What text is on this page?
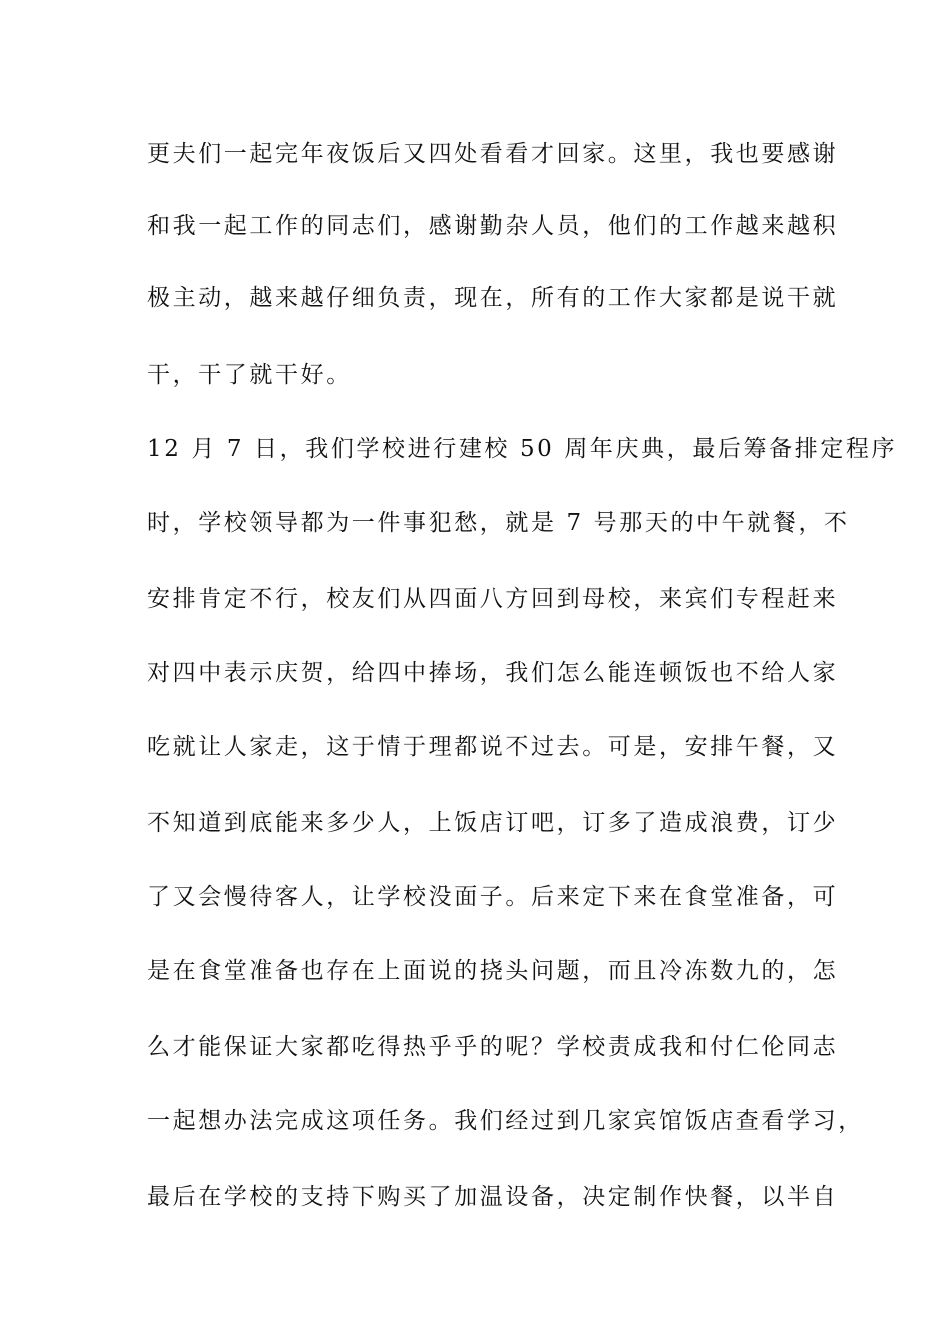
更夫们一起完年夜饭后又四处看看才回家。这里，我也要感谢
和我一起工作的同志们，感谢勤杂人员，他们的工作越来越积
极主动，越来越仔细负责，现在，所有的工作大家都是说干就
干，干了就干好。
12 月 7 日，我们学校进行建校 50 周年庆典，最后筹备排定程序
时，学校领导都为一件事犯愁，就是 7 号那天的中午就餐，不
安排肯定不行，校友们从四面八方回到母校，来宾们专程赶来
对四中表示庆贺，给四中捧场，我们怎么能连顿饭也不给人家
吃就让人家走，这于情于理都说不过去。可是，安排午餐，又
不知道到底能来多少人，上饭店订吧，订多了造成浪费，订少
了又会慢待客人，让学校没面子。后来定下来在食堂准备，可
是在食堂准备也存在上面说的挠头问题，而且冷冻数九的，怎
么才能保证大家都吃得热乎乎的呢？学校责成我和付仁伦同志
一起想办法完成这项任务。我们经过到几家宾馆饭店查看学习，
最后在学校的支持下购买了加温设备，决定制作快餐，以半自
